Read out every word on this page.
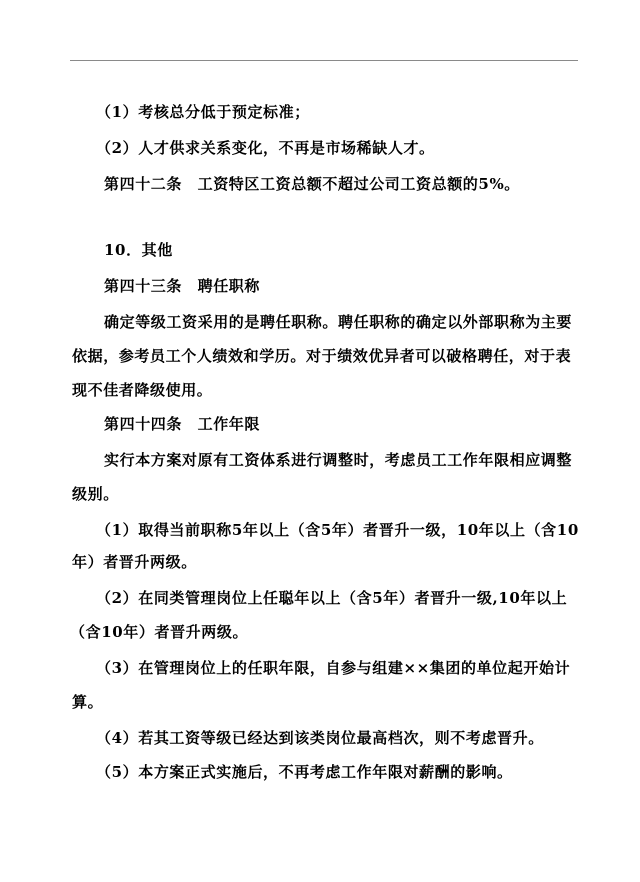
（1）考核总分低于预定标准；
（2）人才供求关系变化，不再是市场稀缺人才。
第四十二条　工资特区工资总额不超过公司工资总额的5%。
10．其他
第四十三条　聘任职称
确定等级工资采用的是聘任职称。聘任职称的确定以外部职称为主要
依据，参考员工个人绩效和学历。对于绩效优异者可以破格聘任，对于表
现不佳者降级使用。
第四十四条　工作年限
实行本方案对原有工资体系进行调整时，考虑员工工作年限相应调整
级别。
（1）取得当前职称5年以上（含5年）者晋升一级，10年以上（含10
年）者晋升两级。
（2）在同类管理岗位上任聪年以上（含5年）者晋升一级,10年以上
（含10年）者晋升两级。
（3）在管理岗位上的任职年限，自参与组建××集团的单位起开始计
算。
（4）若其工资等级已经达到该类岗位最高档次，则不考虑晋升。
（5）本方案正式实施后，不再考虑工作年限对薪酬的影响。
